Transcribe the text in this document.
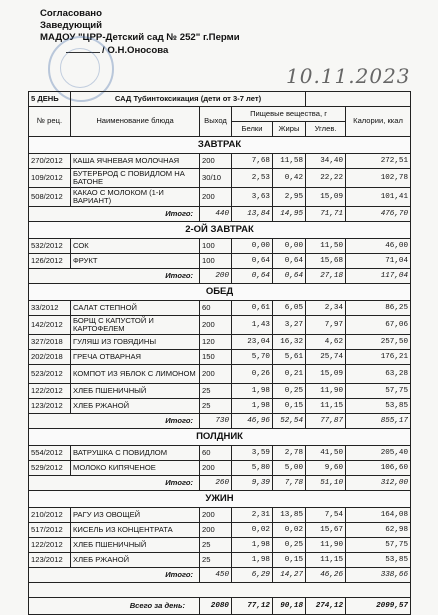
Согласовано
Заведующий
МАДОУ "ЦРР-Детский сад № 252" г.Перми
/ О.Н.Оносова
10.11.2023
5 ДЕНЬ	САД Тубинтоксикация (дети от 3-7 лет)					
№ рец.	Наименование блюда	Выход	Пищевые вещества, г			Калории, ккал
			Белки	Жиры	Углев.	
ЗАВТРАК						
270/2012	КАША ЯЧНЕВАЯ МОЛОЧНАЯ	200	7,68	11,58	34,40	272,51
109/2012	БУТЕРБРОД С ПОВИДЛОМ НА БАТОНЕ	30/10	2,53	0,42	22,22	102,78
508/2012	КАКАО С МОЛОКОМ (1-И ВАРИАНТ)	200	3,63	2,95	15,09	101,41
Итого:		440	13,84	14,95	71,71	476,70
2-ОЙ ЗАВТРАК						
532/2012	СОК	100	0,00	0,00	11,50	46,00
126/2012	ФРУКТ	100	0,64	0,64	15,68	71,04
Итого:		200	0,64	0,64	27,18	117,04
ОБЕД						
33/2012	САЛАТ СТЕПНОЙ	60	0,61	6,05	2,34	86,25
142/2012	БОРЩ С КАПУСТОЙ И КАРТОФЕЛЕМ	200	1,43	3,27	7,97	67,06
327/2018	ГУЛЯШ ИЗ ГОВЯДИНЫ	120	23,04	16,32	4,62	257,50
202/2018	ГРЕЧА ОТВАРНАЯ	150	5,70	5,61	25,74	176,21
523/2012	КОМПОТ ИЗ ЯБЛОК С ЛИМОНОМ	200	0,26	0,21	15,09	63,28
122/2012	ХЛЕБ ПШЕНИЧНЫЙ	25	1,98	0,25	11,90	57,75
123/2012	ХЛЕБ РЖАНОЙ	25	1,98	0,15	11,15	53,85
Итого:		730	46,96	52,54	77,87	855,17
ПОЛДНИК						
554/2012	ВАТРУШКА С ПОВИДЛОМ	60	3,59	2,78	41,50	205,40
529/2012	МОЛОКО КИПЯЧЕНОЕ	200	5,80	5,00	9,60	106,60
Итого:		260	9,39	7,78	51,10	312,00
УЖИН						
210/2012	РАГУ ИЗ ОВОЩЕЙ	200	2,31	13,85	7,54	164,08
517/2012	КИСЕЛЬ ИЗ КОНЦЕНТРАТА	200	0,02	0,02	15,67	62,98
122/2012	ХЛЕБ ПШЕНИЧНЫЙ	25	1,98	0,25	11,90	57,75
123/2012	ХЛЕБ РЖАНОЙ	25	1,98	0,15	11,15	53,85
Итого:		450	6,29	14,27	46,26	338,66

Всего за день:		2080	77,12	90,18	274,12	2099,57
